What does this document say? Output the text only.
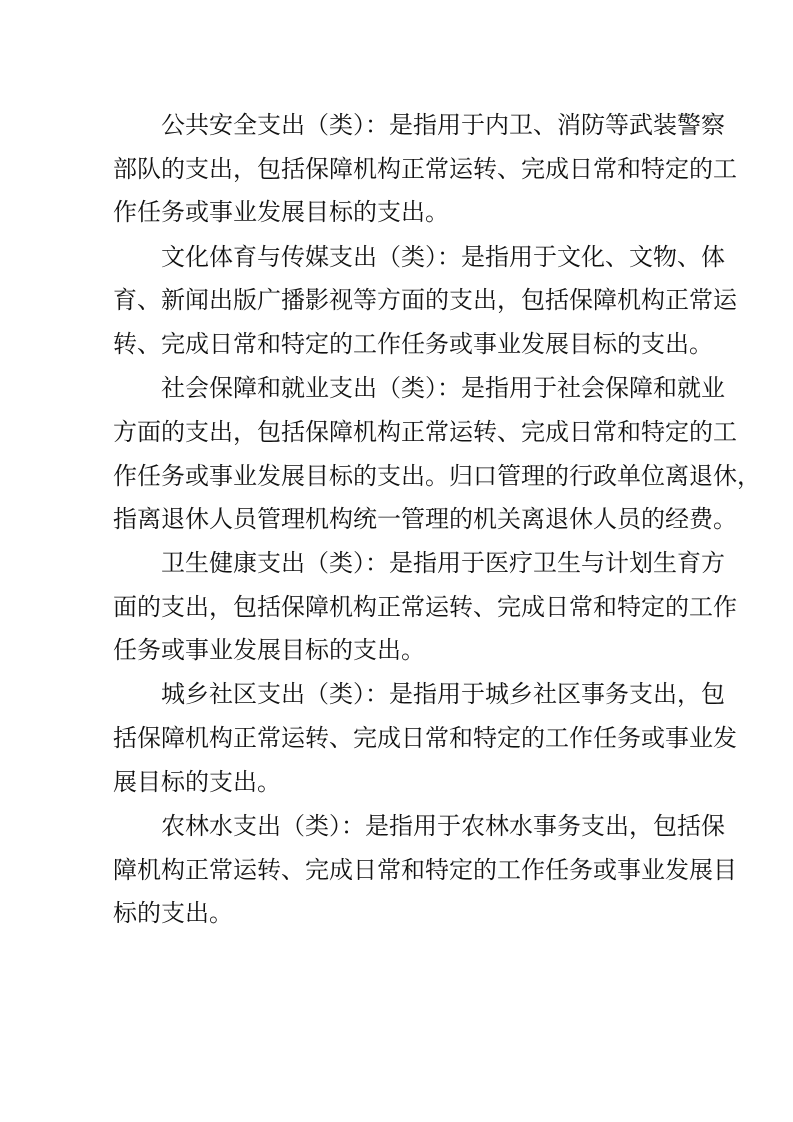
公共安全支出（类）：是指用于内卫、消防等武装警察

部队的支出，包括保障机构正常运转、完成日常和特定的工

作任务或事业发展目标的支出。

文化体育与传媒支出（类）：是指用于文化、文物、体

育、新闻出版广播影视等方面的支出，包括保障机构正常运

转、完成日常和特定的工作任务或事业发展目标的支出。

社会保障和就业支出（类）：是指用于社会保障和就业

方面的支出，包括保障机构正常运转、完成日常和特定的工

作任务或事业发展目标的支出。归口管理的行政单位离退休，

指离退休人员管理机构统一管理的机关离退休人员的经费。

卫生健康支出（类）：是指用于医疗卫生与计划生育方

面的支出，包括保障机构正常运转、完成日常和特定的工作

任务或事业发展目标的支出。

城乡社区支出（类）：是指用于城乡社区事务支出，包

括保障机构正常运转、完成日常和特定的工作任务或事业发

展目标的支出。

农林水支出（类）：是指用于农林水事务支出，包括保

障机构正常运转、完成日常和特定的工作任务或事业发展目

标的支出。
